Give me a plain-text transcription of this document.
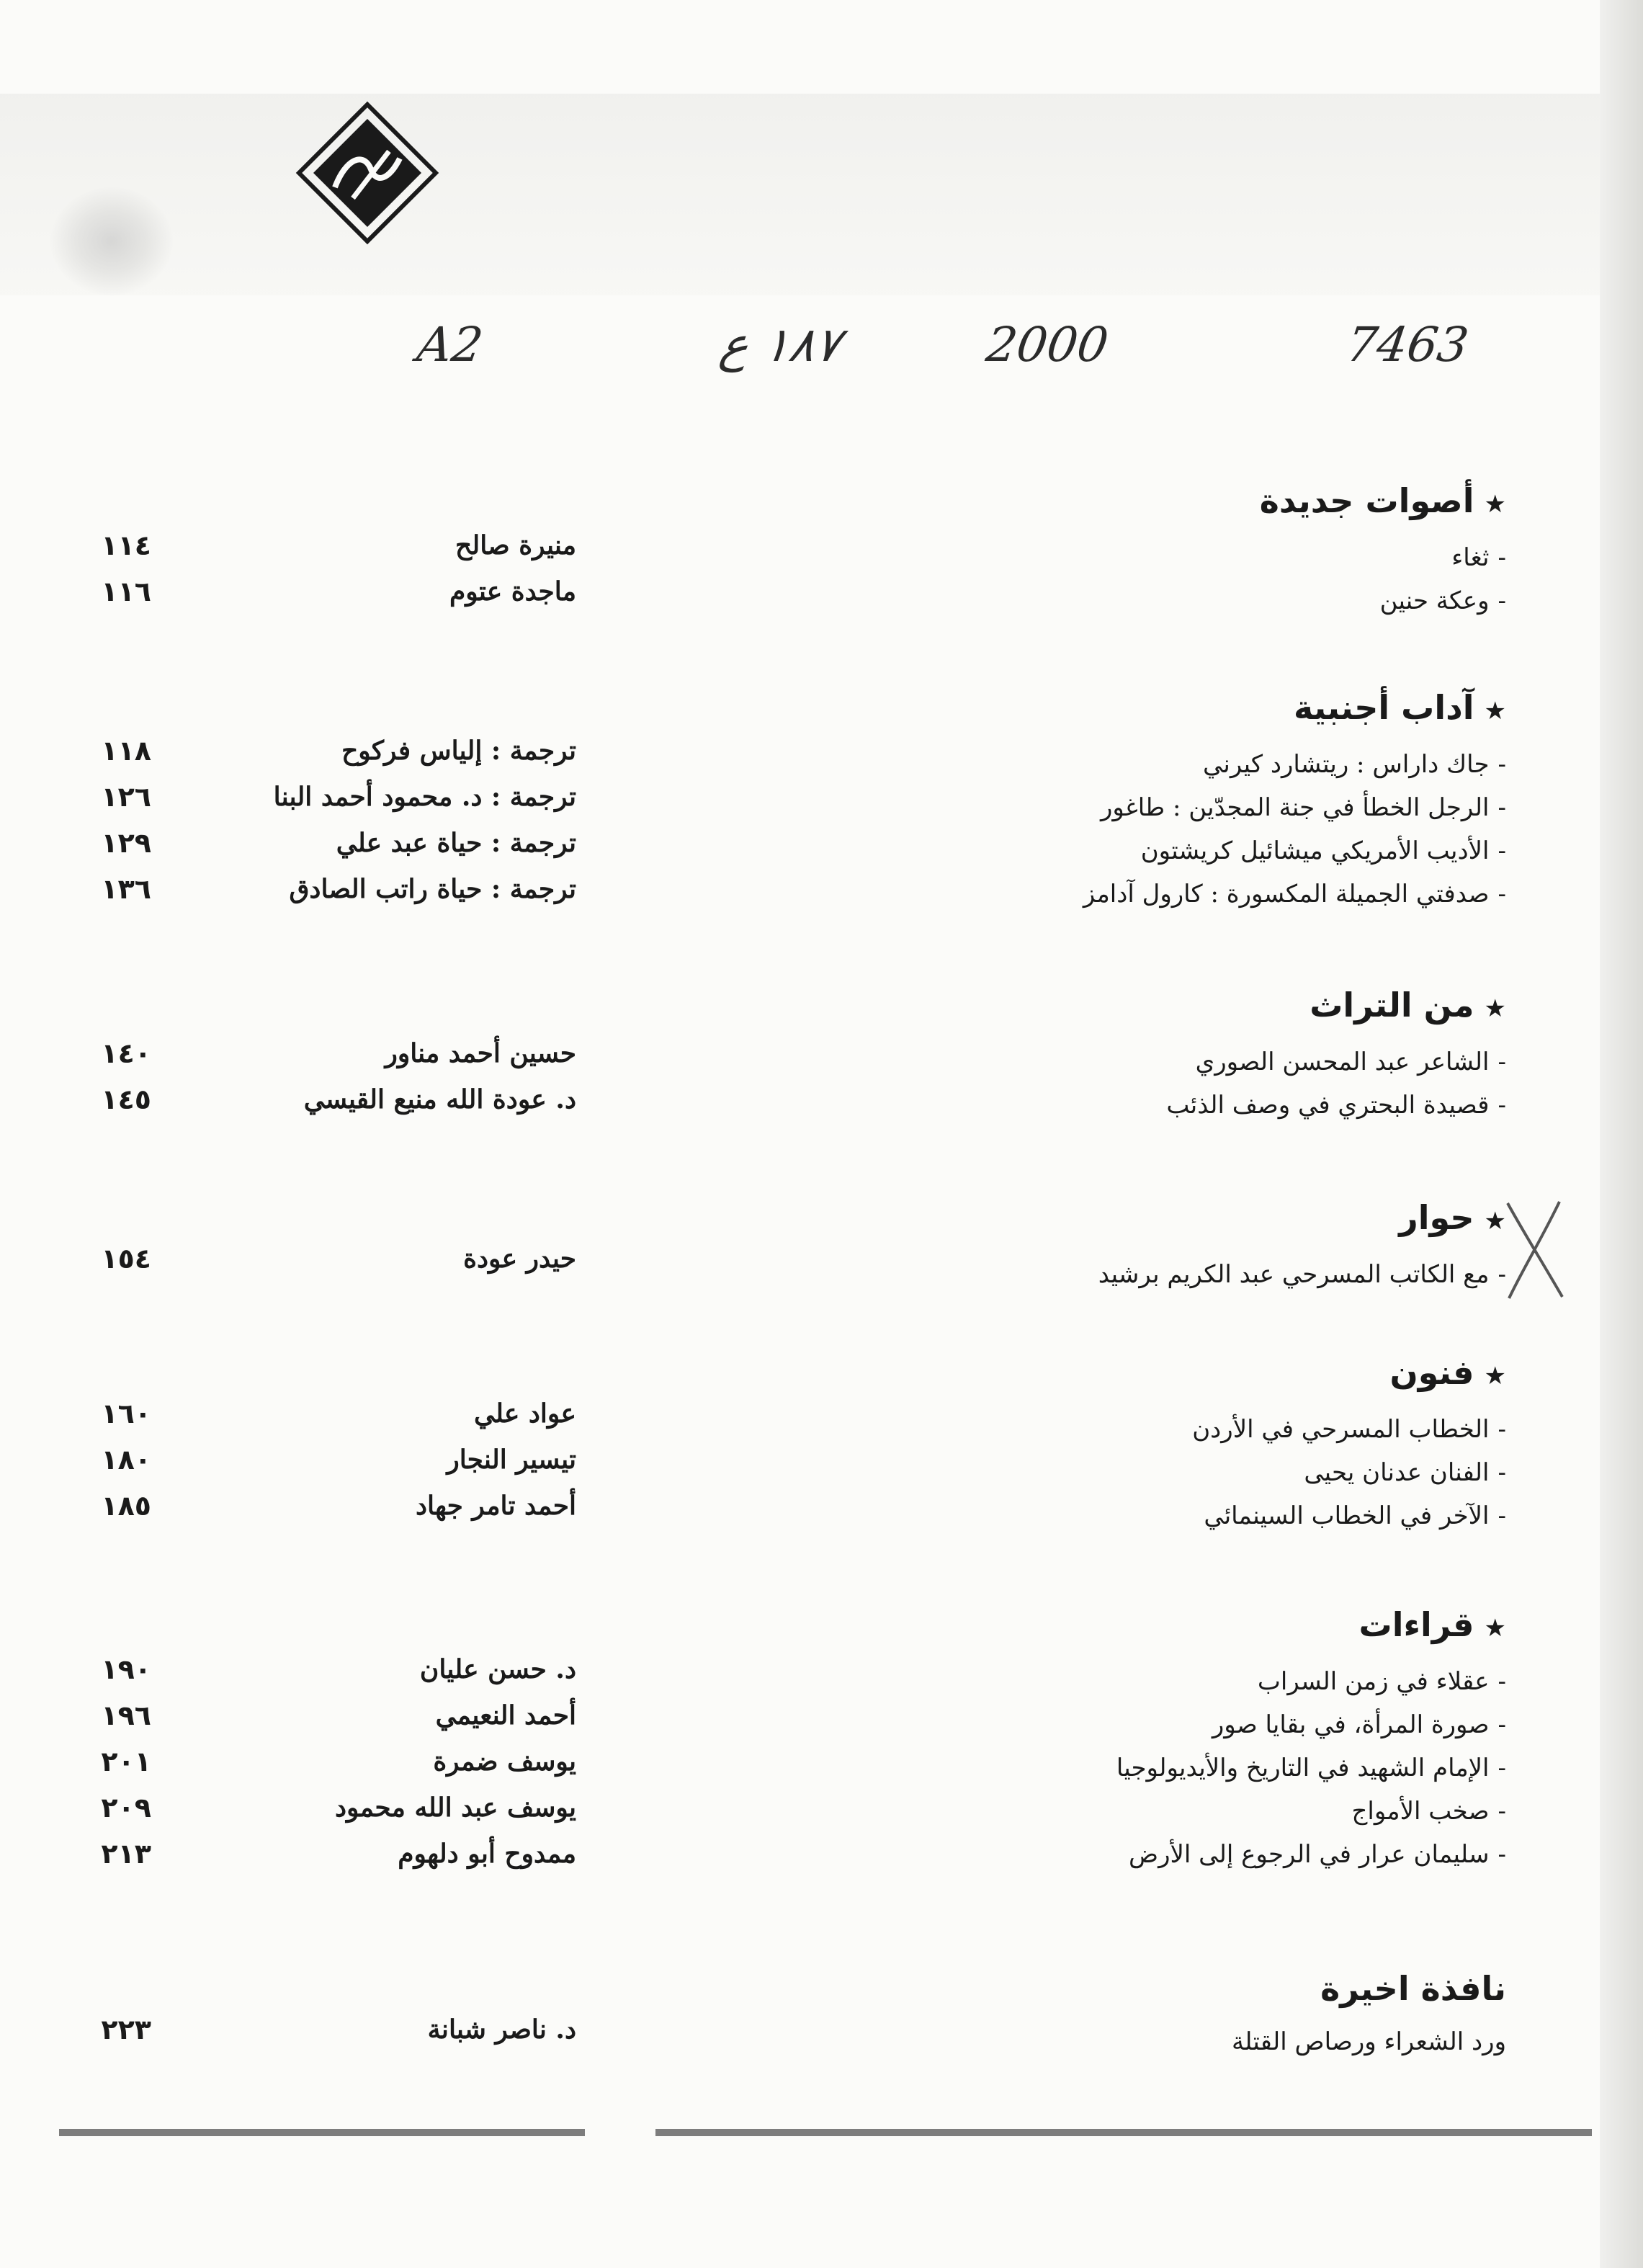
A2	١٨٧ ع	2000	7463
★أصوات جديدة
-ثغاء
-وعكة حنين
★آداب أجنبية
-جاك داراس : ريتشارد كيرني
-الرجل الخطأ في جنة المجدّين : طاغور
-الأديب الأمريكي ميشائيل كريشتون
-صدفتي الجميلة المكسورة : كارول آدامز
★من التراث
-الشاعر عبد المحسن الصوري
-قصيدة البحتري في وصف الذئب
★حوار
-مع الكاتب المسرحي عبد الكريم برشيد
★فنون
-الخطاب المسرحي في الأردن
-الفنان عدنان يحيى
-الآخر في الخطاب السينمائي
★قراءات
-عقلاء في زمن السراب
-صورة المرأة، في بقايا صور
-الإمام الشهيد في التاريخ والأيديولوجيا
-صخب الأمواج
-سليمان عرار في الرجوع إلى الأرض
نافذة اخيرة
ورد الشعراء ورصاص القتلة
١١٤	منيرة صالح
١١٦	ماجدة عتوم
١١٨	ترجمة : إلياس فركوح
١٢٦	ترجمة : د. محمود أحمد البنا
١٢٩	ترجمة : حياة عبد علي
١٣٦	ترجمة : حياة راتب الصادق
١٤٠	حسين أحمد مناور
١٤٥	د. عودة الله منيع القيسي
١٥٤	حيدر عودة
١٦٠	عواد علي
١٨٠	تيسير النجار
١٨٥	أحمد تامر جهاد
١٩٠	د. حسن عليان
١٩٦	أحمد النعيمي
٢٠١	يوسف ضمرة
٢٠٩	يوسف عبد الله محمود
٢١٣	ممدوح أبو دلهوم
٢٢٣	د. ناصر شبانة
